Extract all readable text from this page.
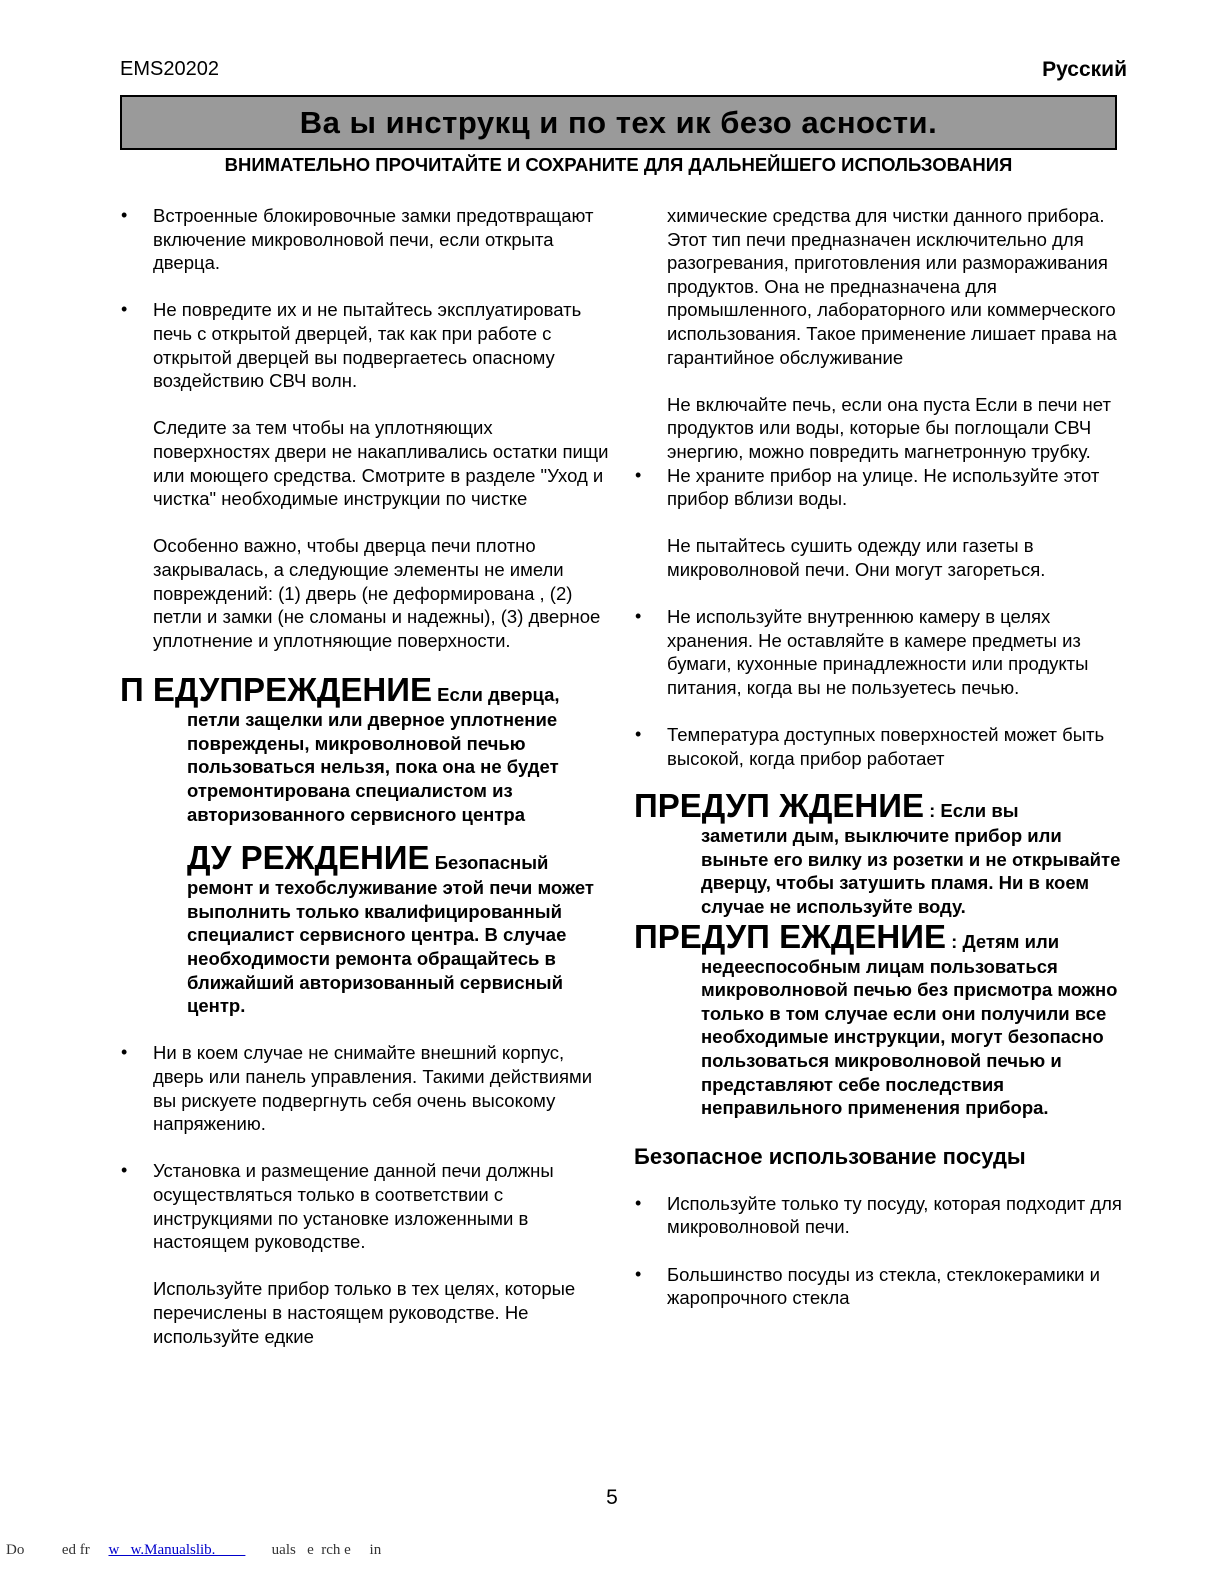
EMS20202	Русский
Ва ы инструкц и по тех ик безо асности.
ВНИМАТЕЛЬНО ПРОЧИТАЙТЕ И СОХРАНИТЕ ДЛЯ ДАЛЬНЕЙШЕГО ИСПОЛЬЗОВАНИЯ

• Встроенные блокировочные замки предотвращают включение микроволновой печи, если открыта дверца.

• Не повредите их и не пытайтесь эксплуатировать печь с открытой дверцей, так как при работе с открытой дверцей вы подвергаетесь опасному воздействию СВЧ волн.

Следите за тем чтобы на уплотняющих поверхностях двери не накапливались остатки пищи или моющего средства. Смотрите в разделе "Уход и чистка" необходимые инструкции по чистке

Особенно важно, чтобы дверца печи плотно закрывалась, а следующие элементы не имели повреждений: (1) дверь (не деформирована , (2) петли и замки (не сломаны и надежны), (3) дверное уплотнение и уплотняющие поверхности.

П ЕДУПРЕЖДЕНИЕ Если дверца,

петли защелки или дверное уплотнение повреждены, микроволновой печью пользоваться нельзя, пока она не будет отремонтирована специалистом из авторизованного сервисного центра

ДУ РЕЖДЕНИЕ Безопасный

ремонт и техобслуживание этой печи может выполнить только квалифицированный специалист сервисного центра. В случае необходимости ремонта обращайтесь в ближайший авторизованный сервисный центр.

• Ни в коем случае не снимайте внешний корпус, дверь или панель управления. Такими действиями вы рискуете подвергнуть себя очень высокому напряжению.

• Установка и размещение данной печи должны осуществляться только в соответствии с инструкциями по установке изложенными в настоящем руководстве.

Используйте прибор только в тех целях, которые перечислены в настоящем руководстве. Не используйте едкие

химические средства для чистки данного прибора. Этот тип печи предназначен исключительно для разогревания, приготовления или размораживания продуктов. Она не предназначена для промышленного, лабораторного или коммерческого использования. Такое применение лишает права на гарантийное обслуживание

Не включайте печь, если она пуста Если в печи нет продуктов или воды, которые бы поглощали СВЧ энергию, можно повредить магнетронную трубку.

• Не храните прибор на улице. Не используйте этот прибор вблизи воды.

Не пытайтесь сушить одежду или газеты в микроволновой печи. Они могут загореться.

• Не используйте внутреннюю камеру в целях хранения. Не оставляйте в камере предметы из бумаги, кухонные принадлежности или продукты питания, когда вы не пользуетесь печью.

• Температура доступных поверхностей может быть высокой, когда прибор работает

ПРЕДУП ЖДЕНИЕ : Если вы

заметили дым, выключите прибор или выньте его вилку из розетки и не открывайте дверцу, чтобы затушить пламя. Ни в коем случае не используйте воду.

ПРЕДУП ЕЖДЕНИЕ : Детям или

недееспособным лицам пользоваться микроволновой печью без присмотра можно только в том случае если они получили все необходимые инструкции, могут безопасно пользоваться микроволновой печью и представляют себе последствия неправильного применения прибора.

Безопасное использование посуды

• Используйте только ту посуду, которая подходит для микроволновой печи.

• Большинство посуды из стекла, стеклокерамики и жаропрочного стекла

5
Do          ed fr     w   w.Manualslib.               uals   e  rch e     in
